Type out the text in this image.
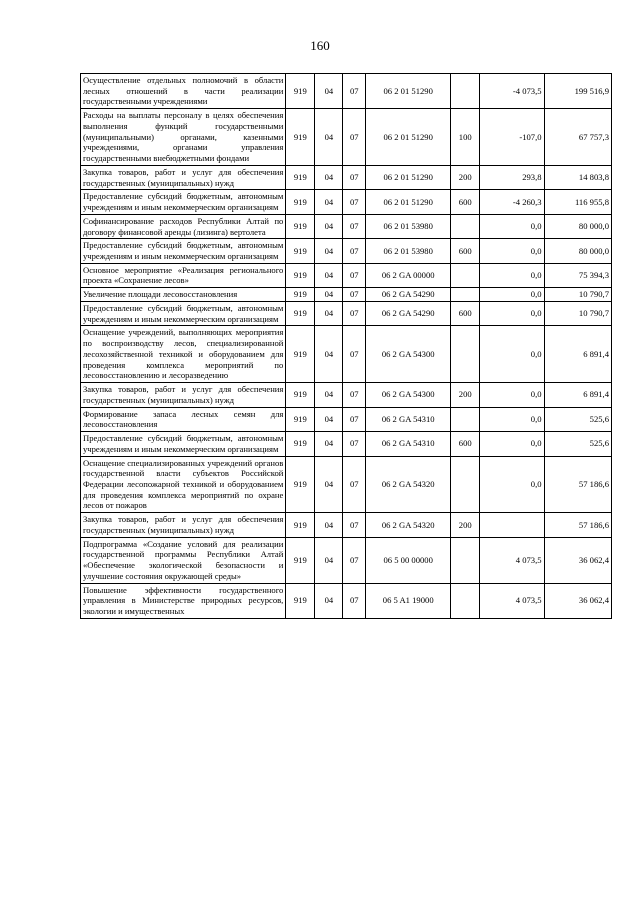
160
Осуществление отдельных полномочий в области лесных отношений в части реализации государственными учреждениями	919	04	07	06 2 01 51290		-4 073,5	199 516,9
Расходы на выплаты персоналу в целях обеспечения выполнения функций государственными (муниципальными) органами, казенными учреждениями, органами управления государственными внебюджетными фондами	919	04	07	06 2 01 51290	100	-107,0	67 757,3
Закупка товаров, работ и услуг для обеспечения государственных (муниципальных) нужд	919	04	07	06 2 01 51290	200	293,8	14 803,8
Предоставление субсидий бюджетным, автономным учреждениям и иным некоммерческим организациям	919	04	07	06 2 01 51290	600	-4 260,3	116 955,8
Софинансирование расходов Республики Алтай по договору финансовой аренды (лизинга) вертолета	919	04	07	06 2 01 53980		0,0	80 000,0
Предоставление субсидий бюджетным, автономным учреждениям и иным некоммерческим организациям	919	04	07	06 2 01 53980	600	0,0	80 000,0
Основное мероприятие «Реализация регионального проекта «Сохранение лесов»	919	04	07	06 2 GA 00000		0,0	75 394,3
Увеличение площади лесовосстановления	919	04	07	06 2 GA 54290		0,0	10 790,7
Предоставление субсидий бюджетным, автономным учреждениям и иным некоммерческим организациям	919	04	07	06 2 GA 54290	600	0,0	10 790,7
Оснащение учреждений, выполняющих мероприятия по воспроизводству лесов, специализированной лесохозяйственной техникой и оборудованием для проведения комплекса мероприятий по лесовосстановлению и лесоразведению	919	04	07	06 2 GA 54300		0,0	6 891,4
Закупка товаров, работ и услуг для обеспечения государственных (муниципальных) нужд	919	04	07	06 2 GA 54300	200	0,0	6 891,4
Формирование запаса лесных семян для лесовосстановления	919	04	07	06 2 GA 54310		0,0	525,6
Предоставление субсидий бюджетным, автономным учреждениям и иным некоммерческим организациям	919	04	07	06 2 GA 54310	600	0,0	525,6
Оснащение специализированных учреждений органов государственной власти субъектов Российской Федерации лесопожарной техникой и оборудованием для проведения комплекса мероприятий по охране лесов от пожаров	919	04	07	06 2 GA 54320		0,0	57 186,6
Закупка товаров, работ и услуг для обеспечения государственных (муниципальных) нужд	919	04	07	06 2 GA 54320	200		57 186,6
Подпрограмма «Создание условий для реализации государственной программы Республики Алтай «Обеспечение экологической безопасности и улучшение состояния окружающей среды»	919	04	07	06 5 00 00000		4 073,5	36 062,4
Повышение эффективности государственного управления в Министерстве природных ресурсов, экологии и имущественных	919	04	07	06 5 A1 19000		4 073,5	36 062,4
